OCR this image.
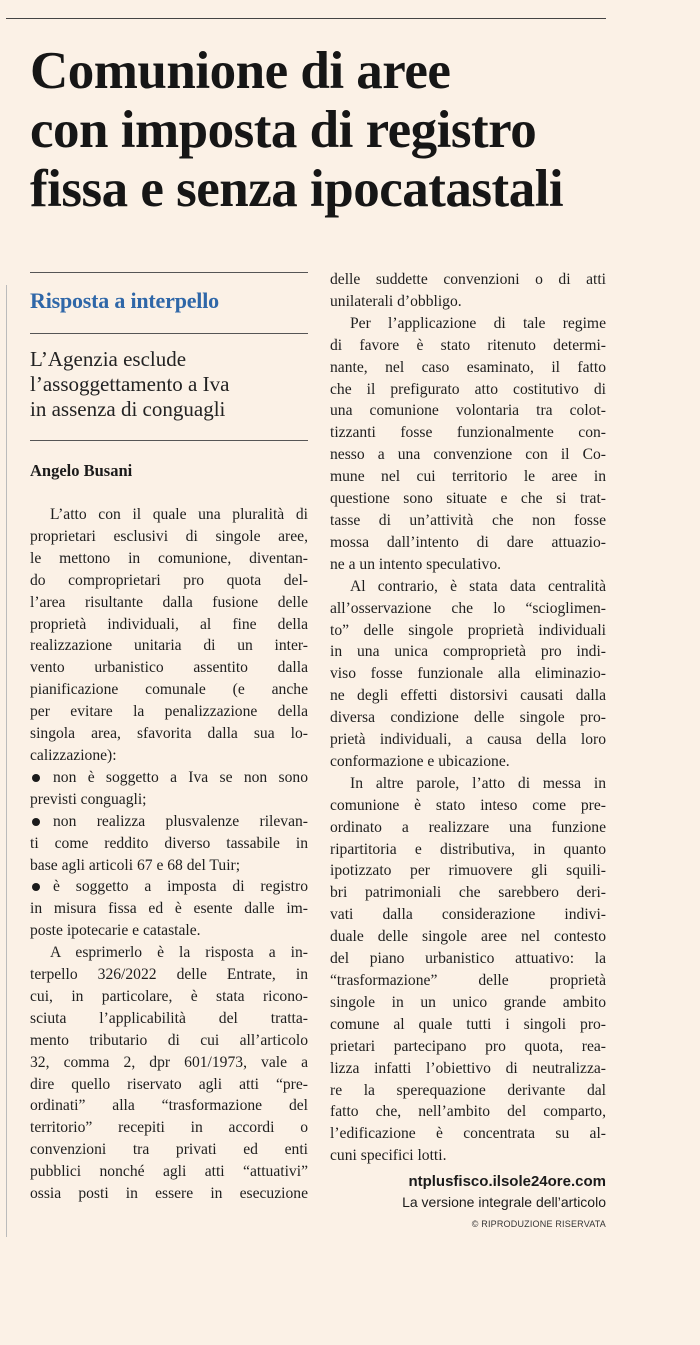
Comunione di aree
con imposta di registro
fissa e senza ipocatastali
Risposta a interpello
L’Agenzia esclude
l’assoggettamento a Iva
in assenza di conguagli
Angelo Busani
L’atto con il quale una pluralità di
proprietari esclusivi di singole aree,
le mettono in comunione, diventan-
do comproprietari pro quota del-
l’area risultante dalla fusione delle
proprietà individuali, al fine della
realizzazione unitaria di un inter-
vento urbanistico assentito dalla
pianificazione comunale (e anche
per evitare la penalizzazione della
singola area, sfavorita dalla sua lo-
calizzazione):
non è soggetto a Iva se non sono
previsti conguagli;
non realizza plusvalenze rilevan-
ti come reddito diverso tassabile in
base agli articoli 67 e 68 del Tuir;
è soggetto a imposta di registro
in misura fissa ed è esente dalle im-
poste ipotecarie e catastale.
A esprimerlo è la risposta a in-
terpello 326/2022 delle Entrate, in
cui, in particolare, è stata ricono-
sciuta l’applicabilità del tratta-
mento tributario di cui all’articolo
32, comma 2, dpr 601/1973, vale a
dire quello riservato agli atti “pre-
ordinati” alla “trasformazione del
territorio” recepiti in accordi o
convenzioni tra privati ed enti
pubblici nonché agli atti “attuativi”
ossia posti in essere in esecuzione
delle suddette convenzioni o di atti
unilaterali d’obbligo.
Per l’applicazione di tale regime
di favore è stato ritenuto determi-
nante, nel caso esaminato, il fatto
che il prefigurato atto costitutivo di
una comunione volontaria tra colot-
tizzanti fosse funzionalmente con-
nesso a una convenzione con il Co-
mune nel cui territorio le aree in
questione sono situate e che si trat-
tasse di un’attività che non fosse
mossa dall’intento di dare attuazio-
ne a un intento speculativo.
Al contrario, è stata data centralità
all’osservazione che lo “scioglimen-
to” delle singole proprietà individuali
in una unica comproprietà pro indi-
viso fosse funzionale alla eliminazio-
ne degli effetti distorsivi causati dalla
diversa condizione delle singole pro-
prietà individuali, a causa della loro
conformazione e ubicazione.
In altre parole, l’atto di messa in
comunione è stato inteso come pre-
ordinato a realizzare una funzione
ripartitoria e distributiva, in quanto
ipotizzato per rimuovere gli squili-
bri patrimoniali che sarebbero deri-
vati dalla considerazione indivi-
duale delle singole aree nel contesto
del piano urbanistico attuativo: la
“trasformazione” delle proprietà
singole in un unico grande ambito
comune al quale tutti i singoli pro-
prietari partecipano pro quota, rea-
lizza infatti l’obiettivo di neutralizza-
re la sperequazione derivante dal
fatto che, nell’ambito del comparto,
l’edificazione è concentrata su al-
cuni specifici lotti.
ntplusfisco.ilsole24ore.com
La versione integrale dell’articolo
© RIPRODUZIONE RISERVATA
